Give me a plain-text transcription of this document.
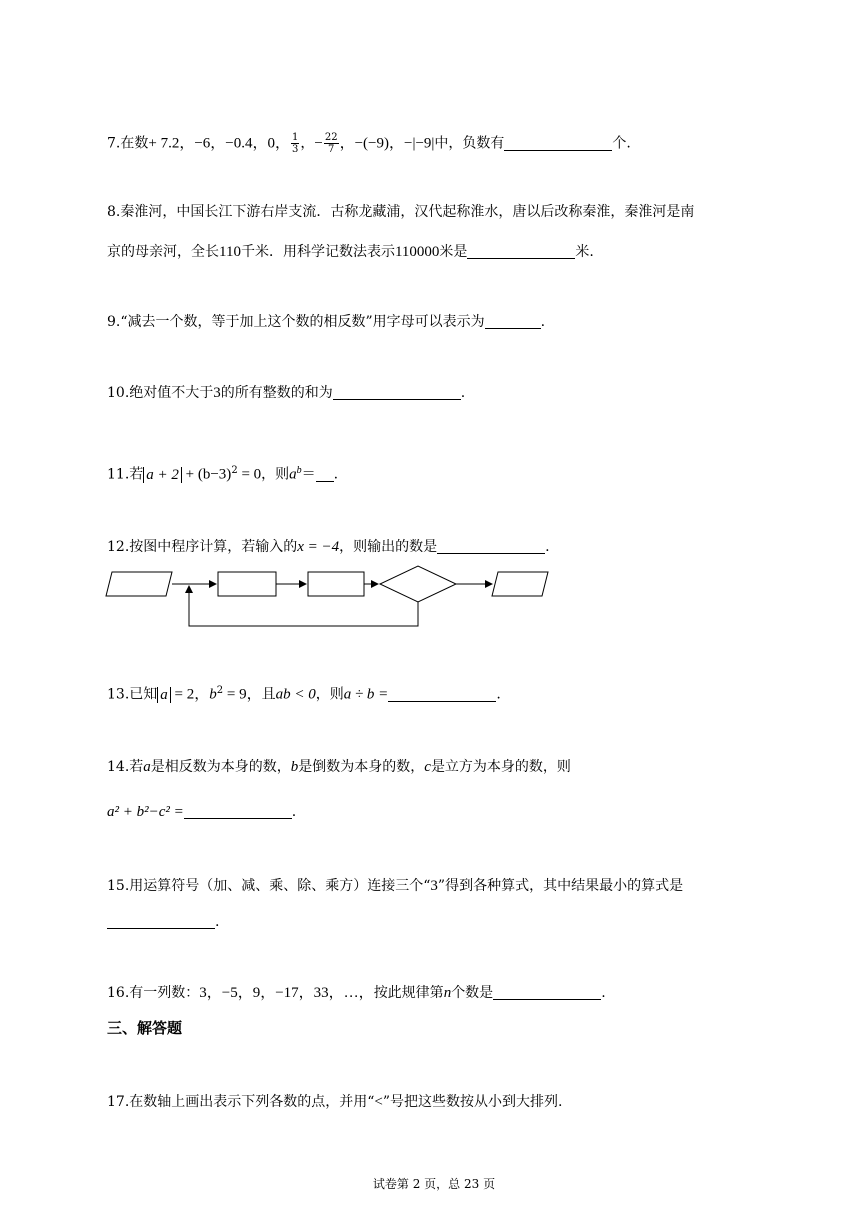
7.在数+ 7.2，−6，−0.4，0， $\frac{1}{3}$ ，− $\frac{22}{7}$ ，−(−9)，−|−9|中，负数有	个.
8.秦淮河，中国长江下游右岸支流．古称龙藏浦，汉代起称淮水，唐以后改称秦淮，秦淮河是南
京的母亲河，全长110千米．用科学记数法表示110000米是	米.
9.“减去一个数，等于加上这个数的相反数”用字母可以表示为	.
10.绝对值不大于3的所有整数的和为	.
11.若 $a + 2 + (b-3)^2 = 0$，则$a^b=$ .
12.按图中程序计算，若输入的x = −4，则输出的数是	.
13.已知 a = 2，$b^2 = 9$，且ab < 0，则a ÷ b =	.
14.若a是相反数为本身的数，b是倒数为本身的数，c是立方为本身的数，则
a² + b²−c² =	.
15.用运算符号（加、减、乘、除、乘方）连接三个“3”得到各种算式，其中结果最小的算式是
.
16.有一列数：3，−5，9，−17，33，…，按此规律第n个数是	.
三、解答题
17.在数轴上画出表示下列各数的点，并用“<”号把这些数按从小到大排列.
试卷第 2 页，总 23 页
